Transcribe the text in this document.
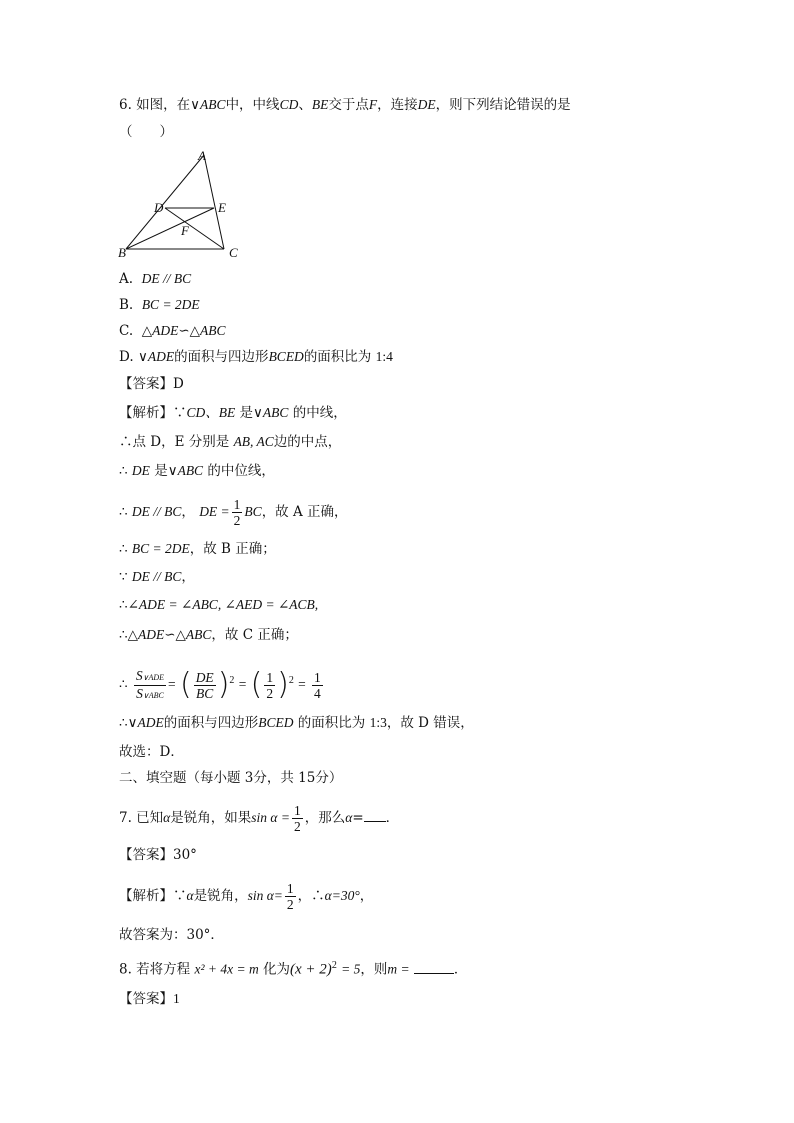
6. 如图，在∨ABC中，中线CD、BE交于点F，连接DE，则下列结论错误的是
（　　）
A
D	E
F
B	C
A. DE // BC
B. BC = 2DE
C. △ADE∽△ABC
D. ∨ADE的面积与四边形BCED的面积比为 1:4
【答案】D
【解析】∵CD、BE 是∨ABC 的中线，
∴点 D，E 分别是 AB, AC边的中点，
∴ DE 是∨ABC 的中位线，
∴ DE // BC， DE = $\frac{1}{2}$ BC，故 A 正确，
∴ BC = 2DE，故 B 正确；
∵ DE // BC，
∴∠ADE = ∠ABC, ∠AED = ∠ACB,
∴△ADE∽△ABC，故 C 正确；
∴ $\frac{\text{S∨ADE}}{\text{S∨ABC}}$ = ( $\frac{DE}{BC} )^2$ = ( $\frac{1}{2} )^2 = \frac{1}{4}$
∴∨ADE的面积与四边形BCED 的面积比为 1:3，故 D 错误，
故选：D．
二、填空题（每小题 3分，共 15分）
7. 已知α是锐角，如果$\sin \alpha = \frac{1}{2}$ ，那么α= ．
【答案】30°
【解析】∵α是锐角，$\sin \alpha= \frac{1}{2}$ ，∴α=30°，
故答案为：30°．
8. 若将方程 x² + 4x = m 化为$(x + 2)^2 = 5$，则m =	．
【答案】1
